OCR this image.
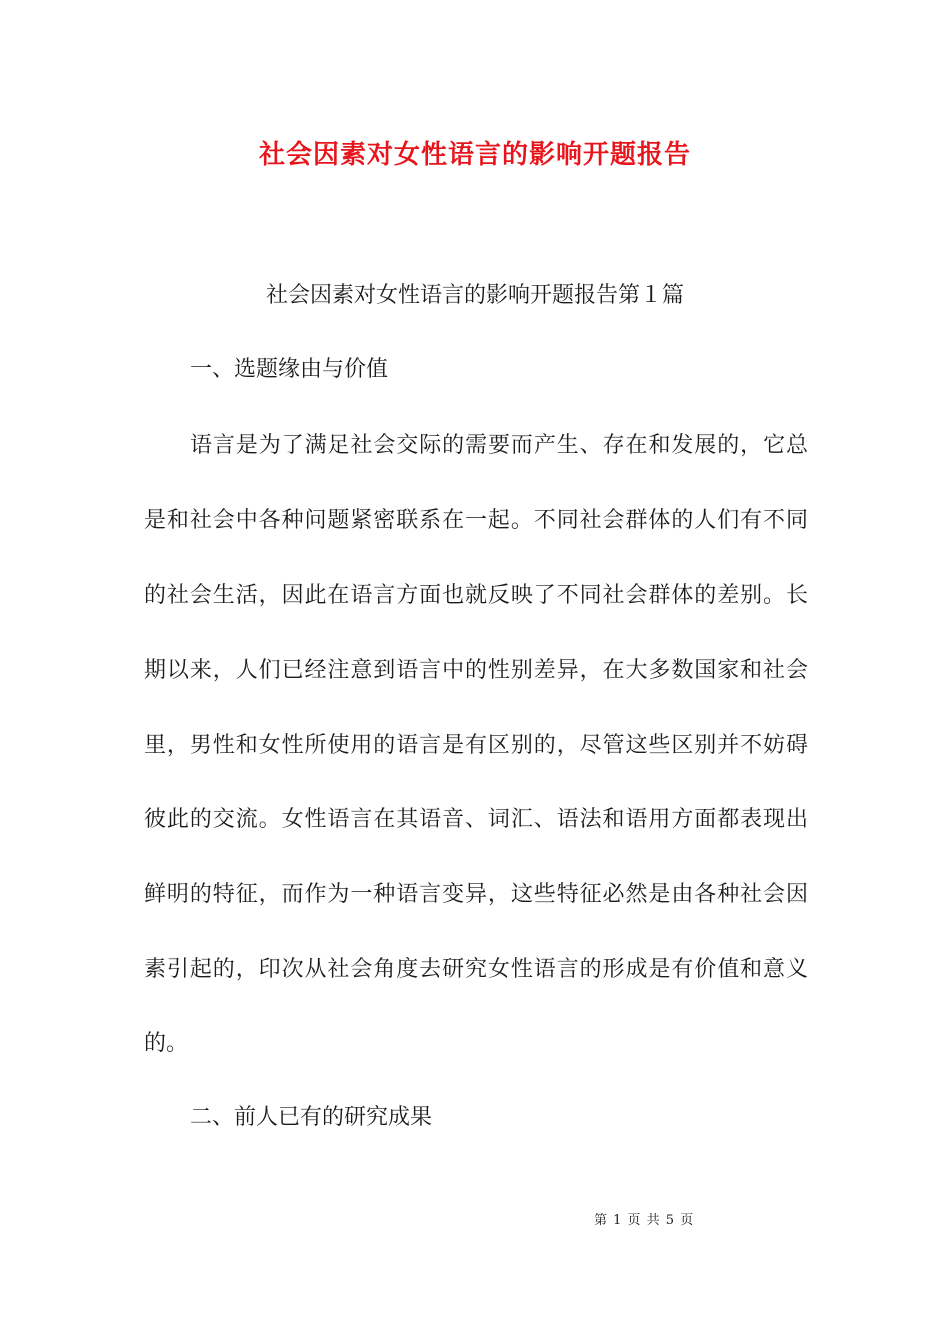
社会因素对女性语言的影响开题报告
社会因素对女性语言的影响开题报告第１篇
一、选题缘由与价值
语言是为了满足社会交际的需要而产生、存在和发展的，它总
是和社会中各种问题紧密联系在一起。不同社会群体的人们有不同
的社会生活，因此在语言方面也就反映了不同社会群体的差别。长
期以来，人们已经注意到语言中的性别差异，在大多数国家和社会
里，男性和女性所使用的语言是有区别的，尽管这些区别并不妨碍
彼此的交流。女性语言在其语音、词汇、语法和语用方面都表现出
鲜明的特征，而作为一种语言变异，这些特征必然是由各种社会因
素引起的，印次从社会角度去研究女性语言的形成是有价值和意义
的。
二、前人已有的研究成果
第 1 页 共 5 页
